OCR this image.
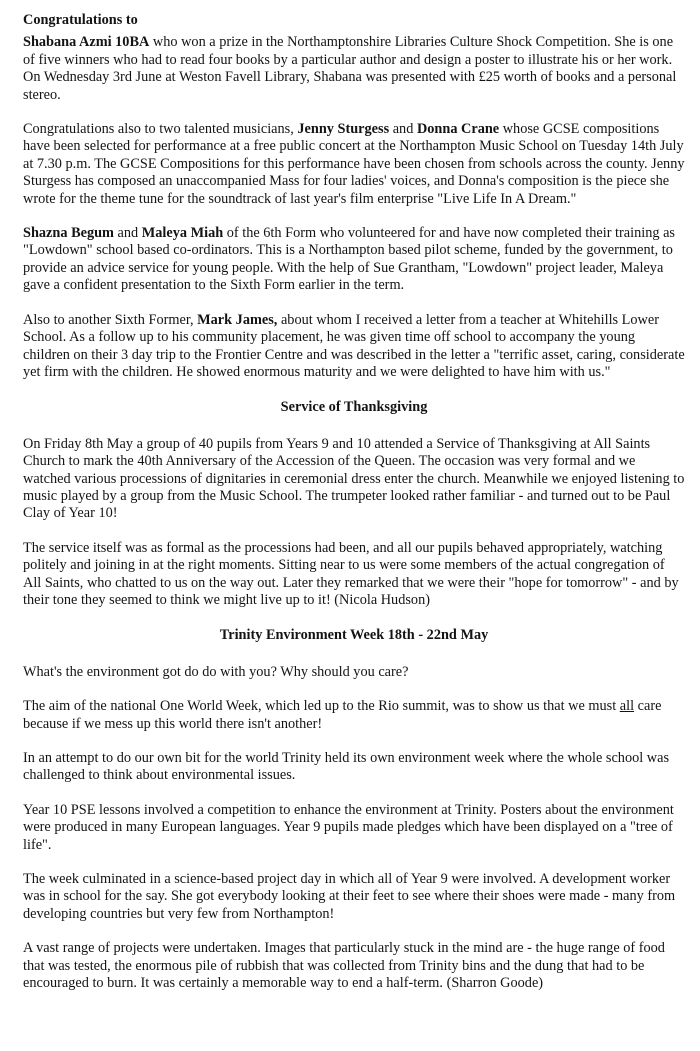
Congratulations to

Shabana Azmi 10BA who won a prize in the Northamptonshire Libraries Culture Shock Competition. She is one of five winners who had to read four books by a particular author and design a poster to illustrate his or her work. On Wednesday 3rd June at Weston Favell Library, Shabana was presented with £25 worth of books and a personal stereo.

Congratulations also to two talented musicians, Jenny Sturgess and Donna Crane whose GCSE compositions have been selected for performance at a free public concert at the Northampton Music School on Tuesday 14th July at 7.30 p.m. The GCSE Compositions for this performance have been chosen from schools across the county. Jenny Sturgess has composed an unaccompanied Mass for four ladies' voices, and Donna's composition is the piece she wrote for the theme tune for the soundtrack of last year's film enterprise "Live Life In A Dream."

Shazna Begum and Maleya Miah of the 6th Form who volunteered for and have now completed their training as "Lowdown" school based co-ordinators. This is a Northampton based pilot scheme, funded by the government, to provide an advice service for young people. With the help of Sue Grantham, "Lowdown" project leader, Maleya gave a confident presentation to the Sixth Form earlier in the term.

Also to another Sixth Former, Mark James, about whom I received a letter from a teacher at Whitehills Lower School. As a follow up to his community placement, he was given time off school to accompany the young children on their 3 day trip to the Frontier Centre and was described in the letter a "terrific asset, caring, considerate yet firm with the children. He showed enormous maturity and we were delighted to have him with us."

Service of Thanksgiving

On Friday 8th May a group of 40 pupils from Years 9 and 10 attended a Service of Thanksgiving at All Saints Church to mark the 40th Anniversary of the Accession of the Queen. The occasion was very formal and we watched various processions of dignitaries in ceremonial dress enter the church. Meanwhile we enjoyed listening to music played by a group from the Music School. The trumpeter looked rather familiar - and turned out to be Paul Clay of Year 10!

The service itself was as formal as the processions had been, and all our pupils behaved appropriately, watching politely and joining in at the right moments. Sitting near to us were some members of the actual congregation of All Saints, who chatted to us on the way out. Later they remarked that we were their "hope for tomorrow" - and by their tone they seemed to think we might live up to it! (Nicola Hudson)

Trinity Environment Week 18th - 22nd May

What's the environment got do do with you? Why should you care?

The aim of the national One World Week, which led up to the Rio summit, was to show us that we must all care because if we mess up this world there isn't another!

In an attempt to do our own bit for the world Trinity held its own environment week where the whole school was challenged to think about environmental issues.

Year 10 PSE lessons involved a competition to enhance the environment at Trinity. Posters about the environment were produced in many European languages. Year 9 pupils made pledges which have been displayed on a "tree of life".

The week culminated in a science-based project day in which all of Year 9 were involved. A development worker was in school for the say. She got everybody looking at their feet to see where their shoes were made - many from developing countries but very few from Northampton!

A vast range of projects were undertaken. Images that particularly stuck in the mind are - the huge range of food that was tested, the enormous pile of rubbish that was collected from Trinity bins and the dung that had to be encouraged to burn. It was certainly a memorable way to end a half-term. (Sharron Goode)
